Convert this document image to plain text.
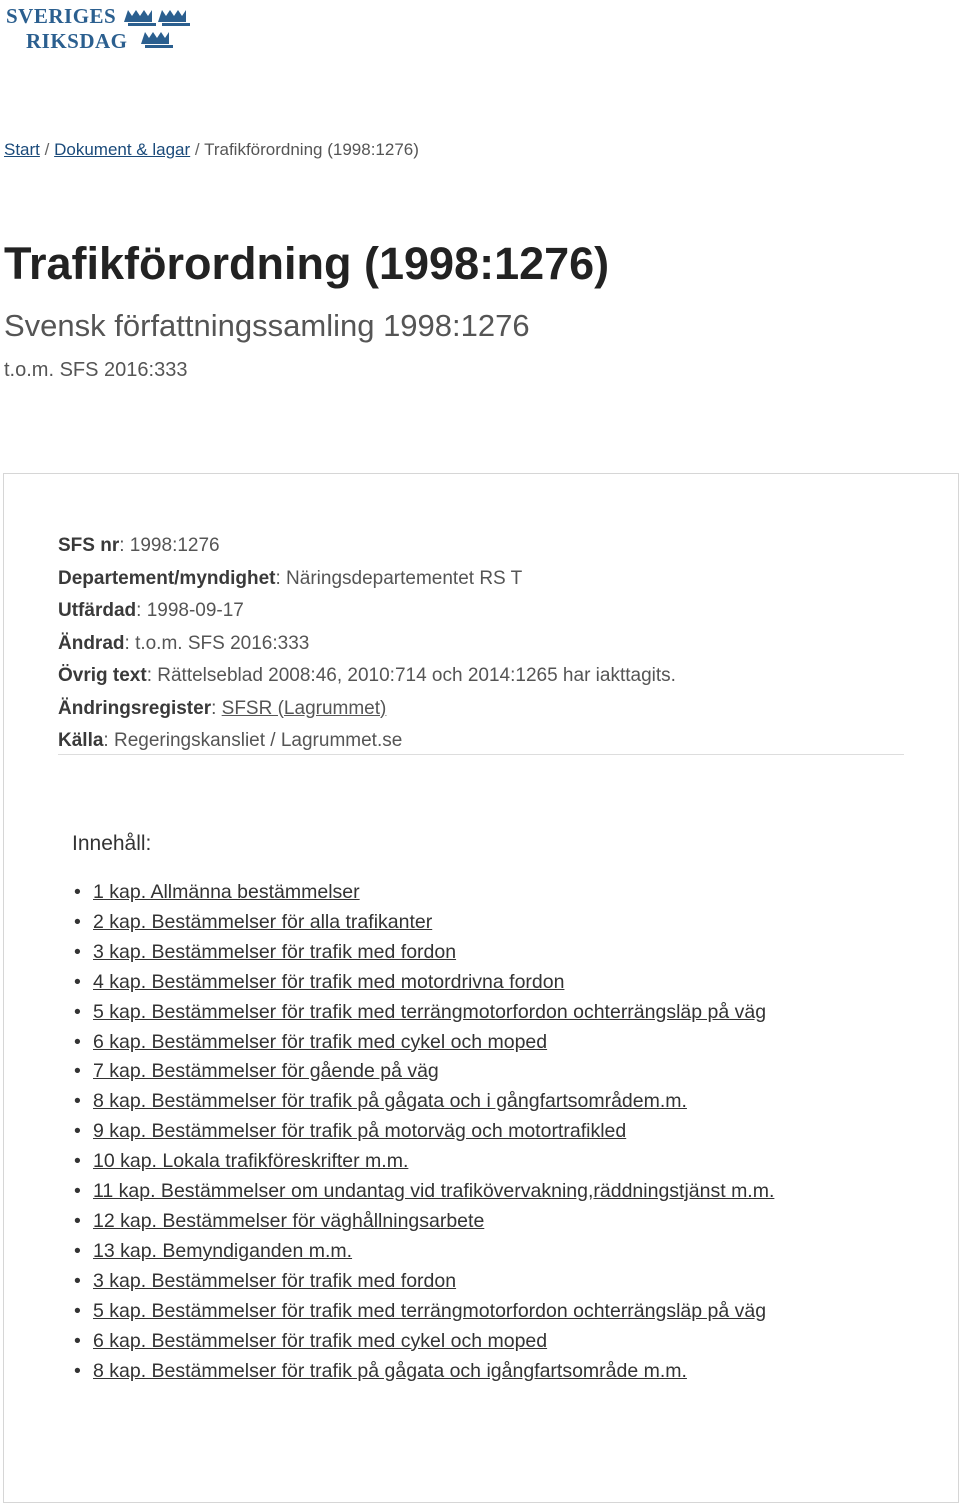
SVERIGES
RIKSDAG
Start / Dokument & lagar / Trafikförordning (1998:1276)
Trafikförordning (1998:1276)
Svensk författningssamling 1998:1276
t.o.m. SFS 2016:333
SFS nr: 1998:1276
Departement/myndighet: Näringsdepartementet RS T
Utfärdad: 1998-09-17
Ändrad: t.o.m. SFS 2016:333
Övrig text: Rättelseblad 2008:46, 2010:714 och 2014:1265 har iakttagits.
Ändringsregister: SFSR (Lagrummet)
Källa: Regeringskansliet / Lagrummet.se
Innehåll:
• 1 kap. Allmänna bestämmelser
• 2 kap. Bestämmelser för alla trafikanter
• 3 kap. Bestämmelser för trafik med fordon
• 4 kap. Bestämmelser för trafik med motordrivna fordon
• 5 kap. Bestämmelser för trafik med terrängmotorfordon ochterrängsläp på väg
• 6 kap. Bestämmelser för trafik med cykel och moped
• 7 kap. Bestämmelser för gående på väg
• 8 kap. Bestämmelser för trafik på gågata och i gångfartsområdem.m.
• 9 kap. Bestämmelser för trafik på motorväg och motortrafikled
• 10 kap. Lokala trafikföreskrifter m.m.
• 11 kap. Bestämmelser om undantag vid trafikövervakning,räddningstjänst m.m.
• 12 kap. Bestämmelser för väghållningsarbete
• 13 kap. Bemyndiganden m.m.
• 3 kap. Bestämmelser för trafik med fordon
• 5 kap. Bestämmelser för trafik med terrängmotorfordon ochterrängsläp på väg
• 6 kap. Bestämmelser för trafik med cykel och moped
• 8 kap. Bestämmelser för trafik på gågata och igångfartsområde m.m.
